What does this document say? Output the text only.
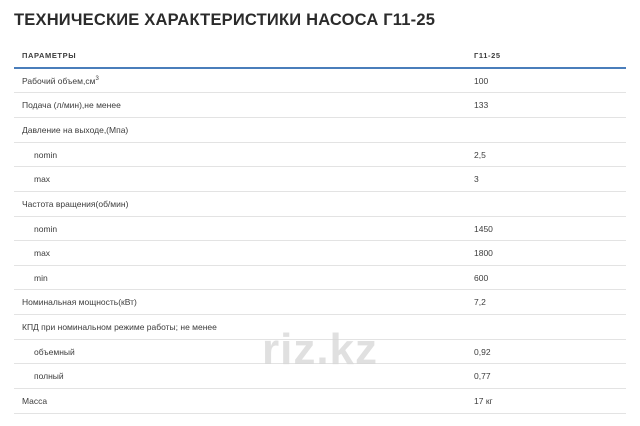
ТЕХНИЧЕСКИЕ ХАРАКТЕРИСТИКИ НАСОСА Г11-25
ПАРАМЕТРЫ	Г11-25
Рабочий $объем,см^3$	100
Подача (л/мин),не менее	133
Давление на выходе,(Мпа)	
nomin	2,5
max	3
Частота вращения(об/мин)	
nomin	1450
max	1800
min	600
Номинальная мощность(кВт)	7,2
КПД при номинальном режиме работы; не менее	
объемный	0,92
полный	0,77
Масса	17 кг
riz.kz
